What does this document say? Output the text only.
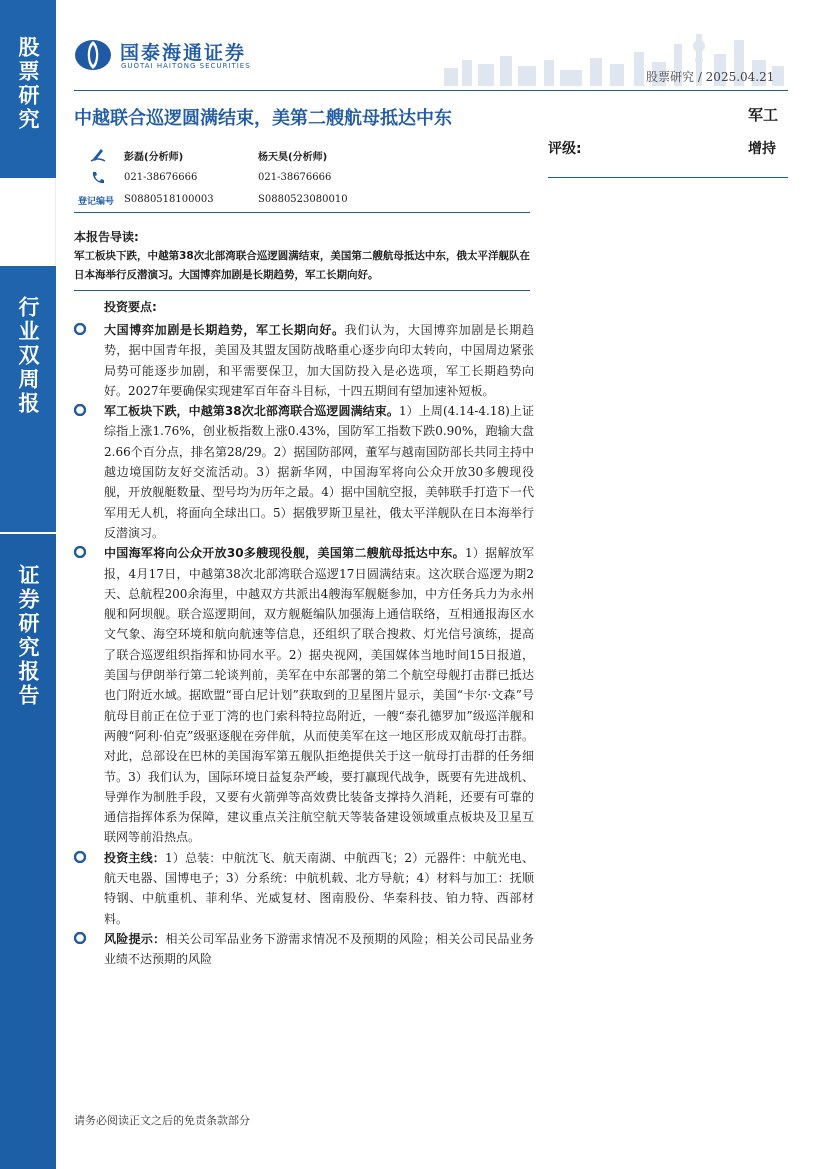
股票研究
行业双周报
证券研究报告
国泰海通证券
GUOTAI HAITONG SECURITIES
股票研究 / 2025.04.21
中越联合巡逻圆满结束，美第二艘航母抵达中东	军工
评级:	增持
彭磊(分析师)	杨天昊(分析师)
021-38676666	021-38676666
登记编号 S0880518100003	S0880523080010
本报告导读:
军工板块下跌，中越第38次北部湾联合巡逻圆满结束，美国第二艘航母抵达中东，俄太平洋舰队在日本海举行反潜演习。大国博弈加剧是长期趋势，军工长期向好。
投资要点:
大国博弈加剧是长期趋势，军工长期向好。我们认为，大国博弈加剧是长期趋势，据中国青年报，美国及其盟友国防战略重心逐步向印太转向，中国周边紧张局势可能逐步加剧，和平需要保卫，加大国防投入是必选项，军工长期趋势向好。2027年要确保实现建军百年奋斗目标，十四五期间有望加速补短板。
军工板块下跌，中越第38次北部湾联合巡逻圆满结束。1）上周(4.14-4.18)上证综指上涨1.76%，创业板指数上涨0.43%，国防军工指数下跌0.90%，跑输大盘2.66个百分点，排名第28/29。2）据国防部网，董军与越南国防部长共同主持中越边境国防友好交流活动。3）据新华网，中国海军将向公众开放30多艘现役舰，开放舰艇数量、型号均为历年之最。4）据中国航空报，美韩联手打造下一代军用无人机，将面向全球出口。5）据俄罗斯卫星社，俄太平洋舰队在日本海举行反潜演习。
中国海军将向公众开放30多艘现役舰，美国第二艘航母抵达中东。1）据解放军报，4月17日，中越第38次北部湾联合巡逻17日圆满结束。这次联合巡逻为期2天、总航程200余海里，中越双方共派出4艘海军舰艇参加，中方任务兵力为永州舰和阿坝舰。联合巡逻期间，双方舰艇编队加强海上通信联络，互相通报海区水文气象、海空环境和航向航速等信息，还组织了联合搜救、灯光信号演练，提高了联合巡逻组织指挥和协同水平。2）据央视网，美国媒体当地时间15日报道，美国与伊朗举行第二轮谈判前，美军在中东部署的第二个航空母舰打击群已抵达也门附近水域。据欧盟“哥白尼计划”获取到的卫星图片显示，美国“卡尔·文森”号航母目前正在位于亚丁湾的也门索科特拉岛附近，一艘“泰孔德罗加”级巡洋舰和两艘“阿利·伯克”级驱逐舰在旁伴航，从而使美军在这一地区形成双航母打击群。对此，总部设在巴林的美国海军第五舰队拒绝提供关于这一航母打击群的任务细节。3）我们认为，国际环境日益复杂严峻，要打赢现代战争，既要有先进战机、导弹作为制胜手段，又要有火箭弹等高效费比装备支撑持久消耗，还要有可靠的通信指挥体系为保障，建议重点关注航空航天等装备建设领域重点板块及卫星互联网等前沿热点。
投资主线：1）总装：中航沈飞、航天南湖、中航西飞；2）元器件：中航光电、航天电器、国博电子；3）分系统：中航机载、北方导航；4）材料与加工：抚顺特钢、中航重机、菲利华、光威复材、图南股份、华秦科技、铂力特、西部材料。
风险提示：相关公司军品业务下游需求情况不及预期的风险；相关公司民品业务业绩不达预期的风险
请务必阅读正文之后的免责条款部分
